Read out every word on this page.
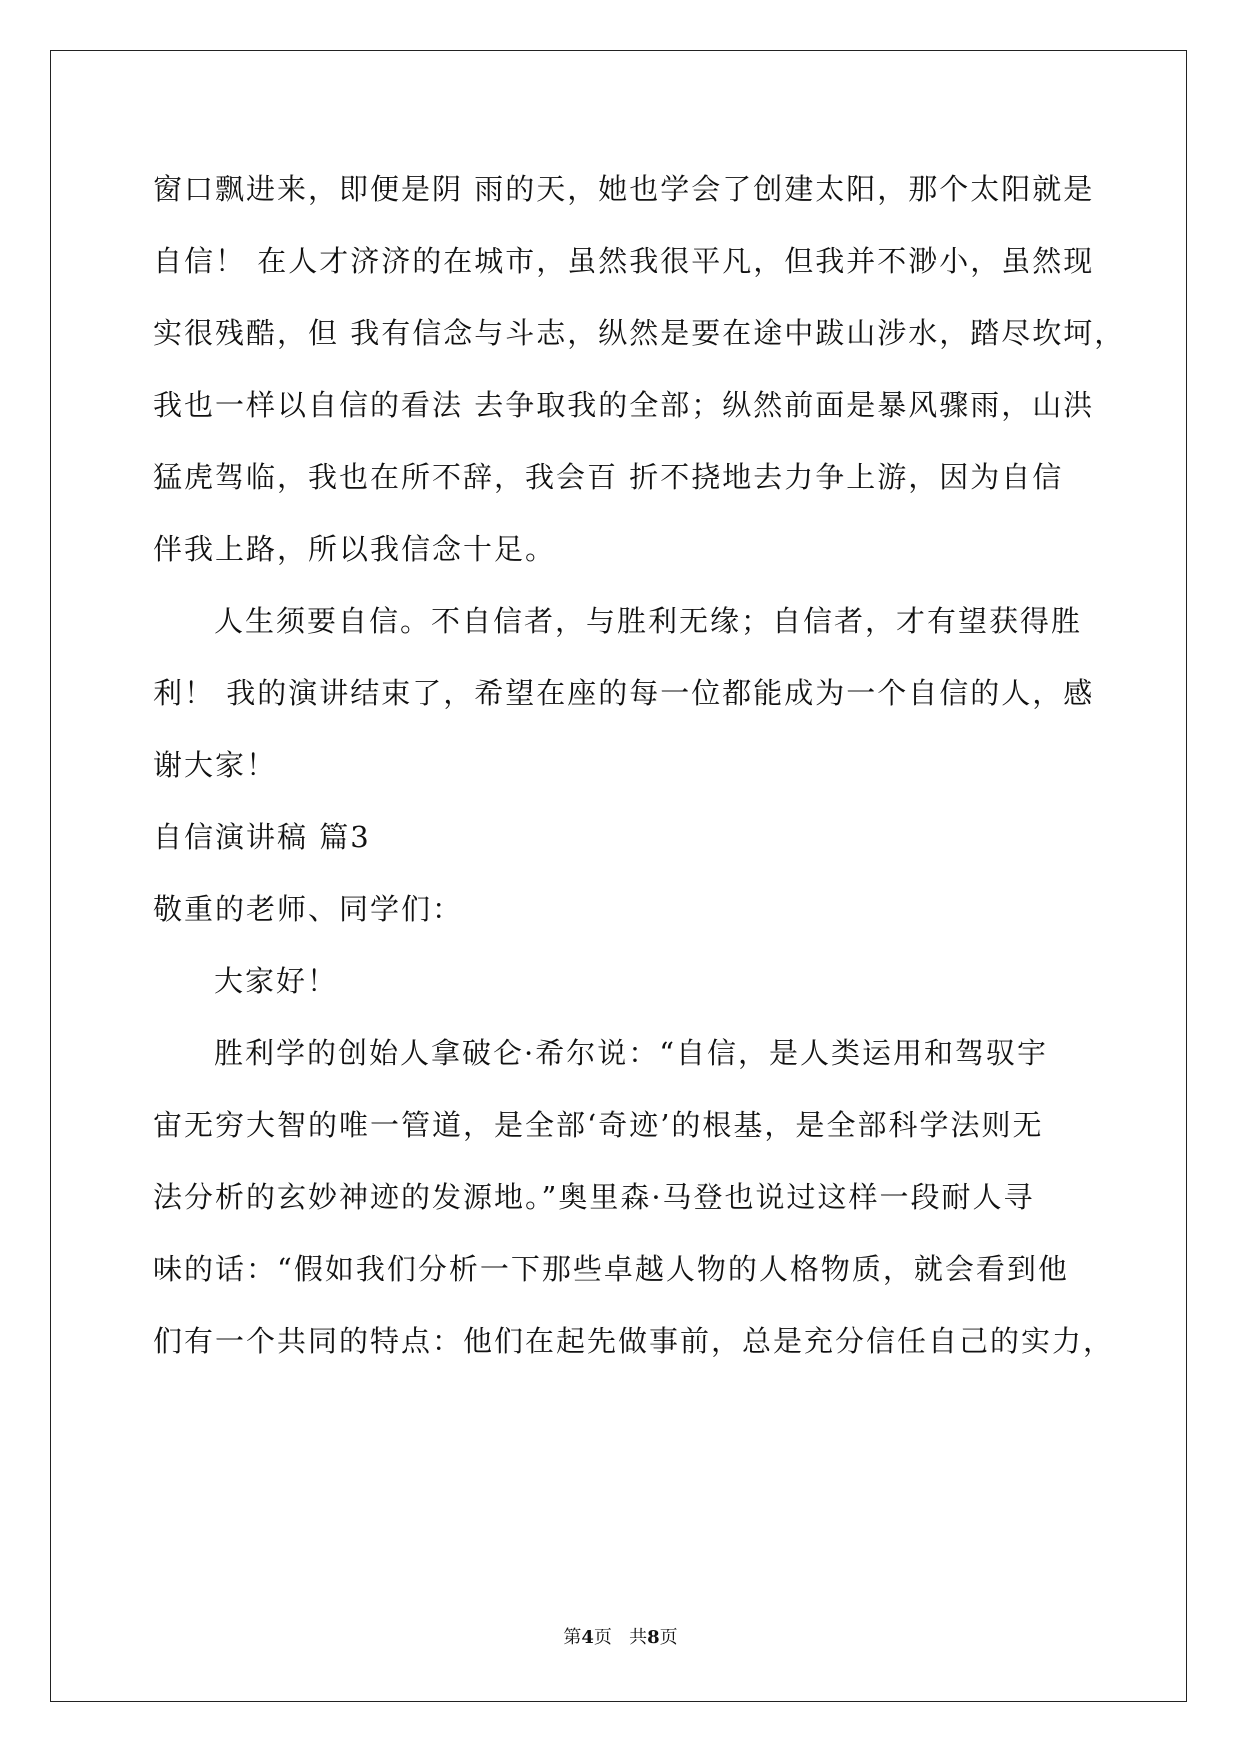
窗口飘进来，即便是阴 雨的天，她也学会了创建太阳，那个太阳就是
自信！ 在人才济济的在城市，虽然我很平凡，但我并不渺小，虽然现
实很残酷，但 我有信念与斗志，纵然是要在途中跋山涉水，踏尽坎坷，
我也一样以自信的看法 去争取我的全部；纵然前面是暴风骤雨，山洪
猛虎驾临，我也在所不辞，我会百 折不挠地去力争上游，因为自信
伴我上路，所以我信念十足。
人生须要自信。不自信者，与胜利无缘；自信者，才有望获得胜
利！ 我的演讲结束了，希望在座的每一位都能成为一个自信的人，感
谢大家！
自信演讲稿 篇3
敬重的老师、同学们：
大家好！
胜利学的创始人拿破仑·希尔说：“自信，是人类运用和驾驭宇
宙无穷大智的唯一管道，是全部‘奇迹’的根基，是全部科学法则无
法分析的玄妙神迹的发源地。”奥里森·马登也说过这样一段耐人寻
味的话：“假如我们分析一下那些卓越人物的人格物质，就会看到他
们有一个共同的特点：他们在起先做事前，总是充分信任自己的实力，
第4页   共8页
